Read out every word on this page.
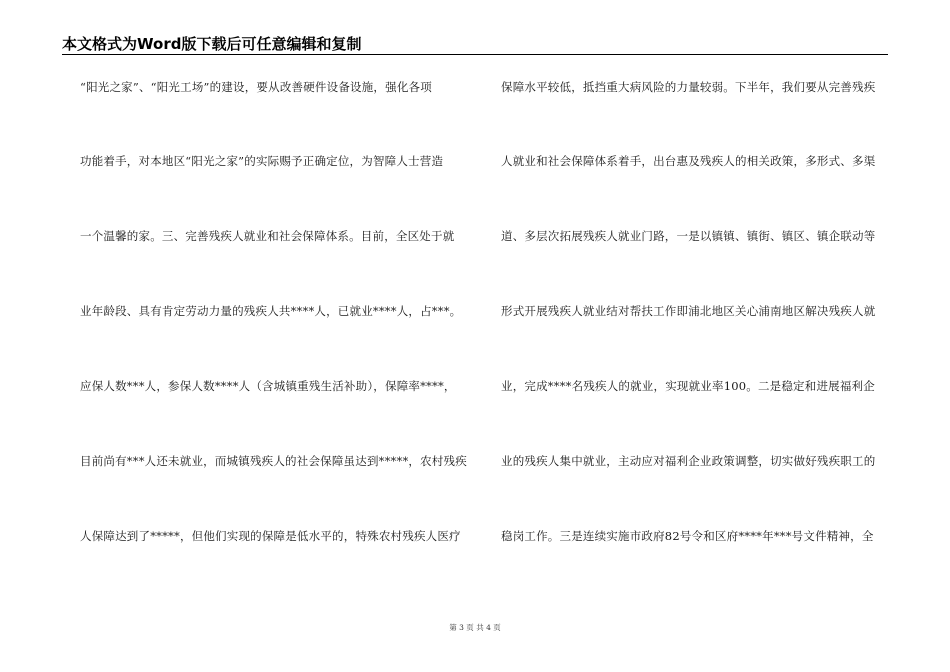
本文格式为Word版下载后可任意编辑和复制
“阳光之家”、“阳光工场”的建设，要从改善硬件设备设施，强化各项
功能着手，对本地区“阳光之家”的实际赐予正确定位，为智障人士营造
一个温馨的家。三、完善残疾人就业和社会保障体系。目前，全区处于就
业年龄段、具有肯定劳动力量的残疾人共****人，已就业****人，占***。
应保人数***人，参保人数****人（含城镇重残生活补助），保障率****，
目前尚有***人还未就业，而城镇残疾人的社会保障虽达到*****，农村残疾
人保障达到了*****，但他们实现的保障是低水平的，特殊农村残疾人医疗
保障水平较低，抵挡重大病风险的力量较弱。下半年，我们要从完善残疾
人就业和社会保障体系着手，出台惠及残疾人的相关政策，多形式、多渠
道、多层次拓展残疾人就业门路，一是以镇镇、镇街、镇区、镇企联动等
形式开展残疾人就业结对帮扶工作即浦北地区关心浦南地区解决残疾人就
业，完成****名残疾人的就业，实现就业率100。二是稳定和进展福利企
业的残疾人集中就业，主动应对福利企业政策调整，切实做好残疾职工的
稳岗工作。三是连续实施市政府82号令和区府****年***号文件精神，全
第 3 页 共 4 页
